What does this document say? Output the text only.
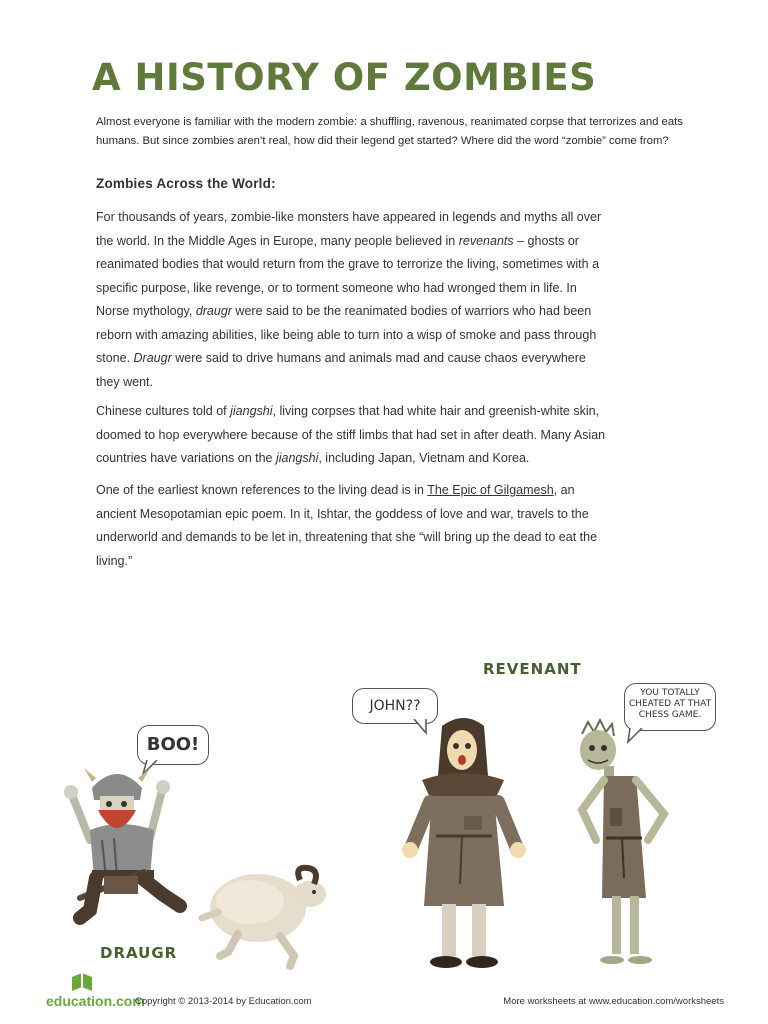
A HISTORY OF ZOMBIES

Almost everyone is familiar with the modern zombie: a shuffling, ravenous, reanimated corpse that terrorizes and eats humans. But since zombies aren’t real, how did their legend get started? Where did the word “zombie” come from?

Zombies Across the World:

For thousands of years, zombie-like monsters have appeared in legends and myths all over the world. In the Middle Ages in Europe, many people believed in revenants – ghosts or reanimated bodies that would return from the grave to terrorize the living, sometimes with a specific purpose, like revenge, or to torment someone who had wronged them in life. In Norse mythology, draugr were said to be the reanimated bodies of warriors who had been reborn with amazing abilities, like being able to turn into a wisp of smoke and pass through stone. Draugr were said to drive humans and animals mad and cause chaos everywhere they went.

Chinese cultures told of jiangshi, living corpses that had white hair and greenish-white skin, doomed to hop everywhere because of the stiff limbs that had set in after death. Many Asian countries have variations on the jiangshi, including Japan, Vietnam and Korea.

One of the earliest known references to the living dead is in The Epic of Gilgamesh, an ancient Mesopotamian epic poem. In it, Ishtar, the goddess of love and war, travels to the underworld and demands to be let in, threatening that she “will bring up the dead to eat the living.”

REVENANT
DRAUGR
BOO!
JOHN??
YOU TOTALLY
CHEATED AT THAT
CHESS GAME.
education.com
Copyright © 2013-2014 by Education.com	More worksheets at www.education.com/worksheets
